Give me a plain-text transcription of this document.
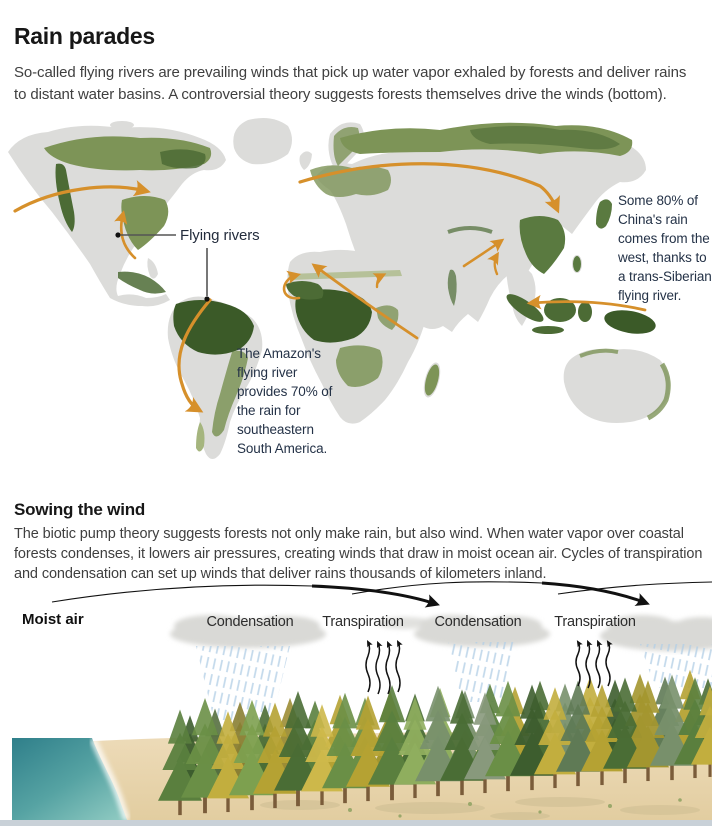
Rain parades

So-called flying rivers are prevailing winds that pick up water vapor exhaled by forests and deliver rains to distant water basins. A controversial theory suggests forests themselves drive the winds (bottom).

Flying rivers
Some 80% of
China's rain
comes from the
west, thanks to
a trans-Siberian
flying river.
The Amazon's
flying river
provides 70% of
the rain for
southeastern
South America.
Sowing the wind

The biotic pump theory suggests forests not only make rain, but also wind. When water vapor over coastal forests condenses, it lowers air pressures, creating winds that draw in moist ocean air. Cycles of transpiration and condensation can set up winds that deliver rains thousands of kilometers inland.

Moist air	Condensation Transpiration Condensation Transpiration
